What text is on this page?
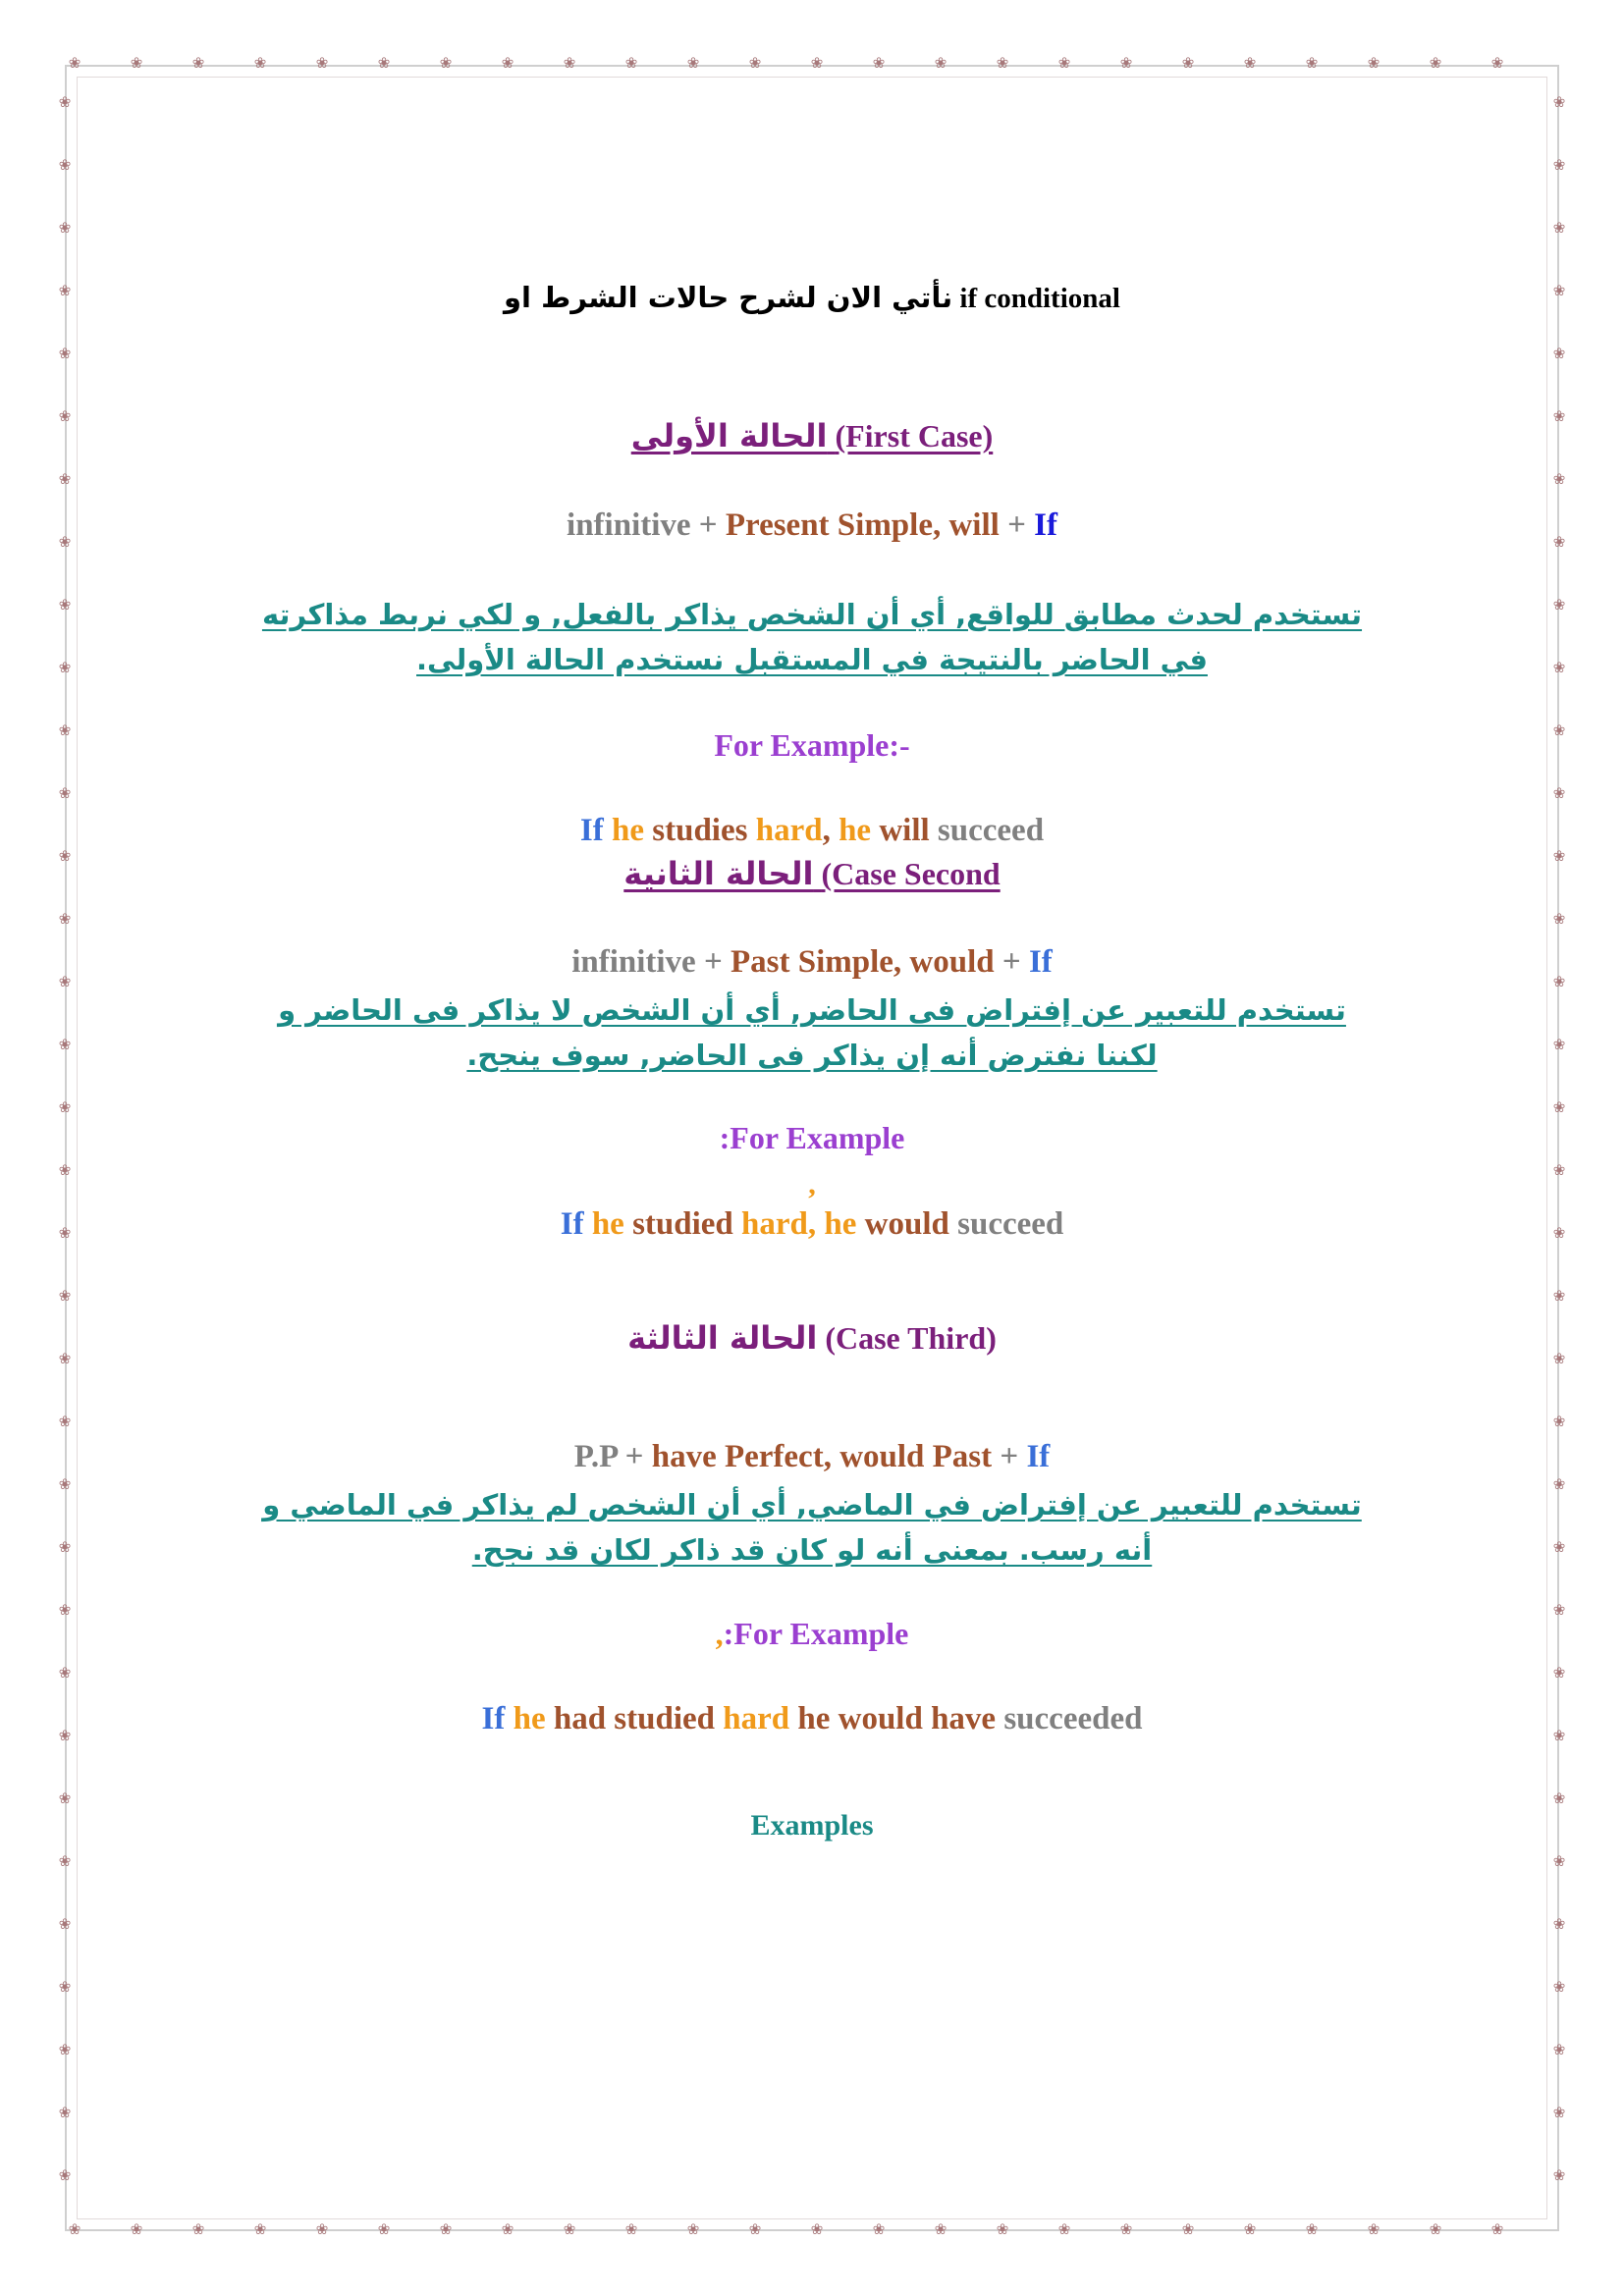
❀
❀
❀
❀
❀
❀
❀
❀
❀
❀
❀
❀
❀
❀
❀
❀
❀
❀
❀
❀
❀
❀
❀
❀
❀
❀
❀
❀
❀
❀
❀
❀
❀
❀
❀
❀
❀
❀
❀
❀
❀
❀
❀
❀
❀
❀
❀
❀
❀	❀
❀	❀
❀	❀
❀	❀
❀	❀
❀	❀
❀	❀
❀	❀
❀	❀
❀	❀
❀	❀
❀	❀
❀	❀
❀	❀
❀	❀
❀	❀
❀	❀
❀	❀
❀	❀
❀	❀
❀	❀
❀	❀
❀	❀
❀	❀
❀	❀
❀	❀
❀	❀
❀	❀
❀	❀
❀	❀
❀	❀
❀	❀
❀	❀
❀	❀
نأتي الان لشرح حالات الشرط او if conditional
الحالة الأولى (First Case)
infinitive + Present Simple, will + If
تستخدم لحدث مطابق للواقع, أي أن الشخص يذاكر بالفعل, و لكي نربط مذاكرته في الحاضر بالنتيجة في المستقبل نستخدم الحالة الأولى.
For Example:-
If he studies hard, he will succeed
الحالة الثانية (Case Second
infinitive + Past Simple, would + If
تستخدم للتعبير عن إفتراض فى الحاضر, أي أن الشخص لا يذاكر فى الحاضر و لكننا نفترض أنه إن يذاكر فى الحاضر, سوف ينجح.
:For Example
,
If he studied hard, he would succeed
الحالة الثالثة (Case Third)
P.P + have Perfect, would Past + If
تستخدم للتعبير عن إفتراض في الماضي, أي أن الشخص لم يذاكر في الماضي و أنه رسب. بمعنى أنه لو كان قد ذاكر لكان قد نجح.
,:For Example
If he had studied hard he would have succeeded
Examples
